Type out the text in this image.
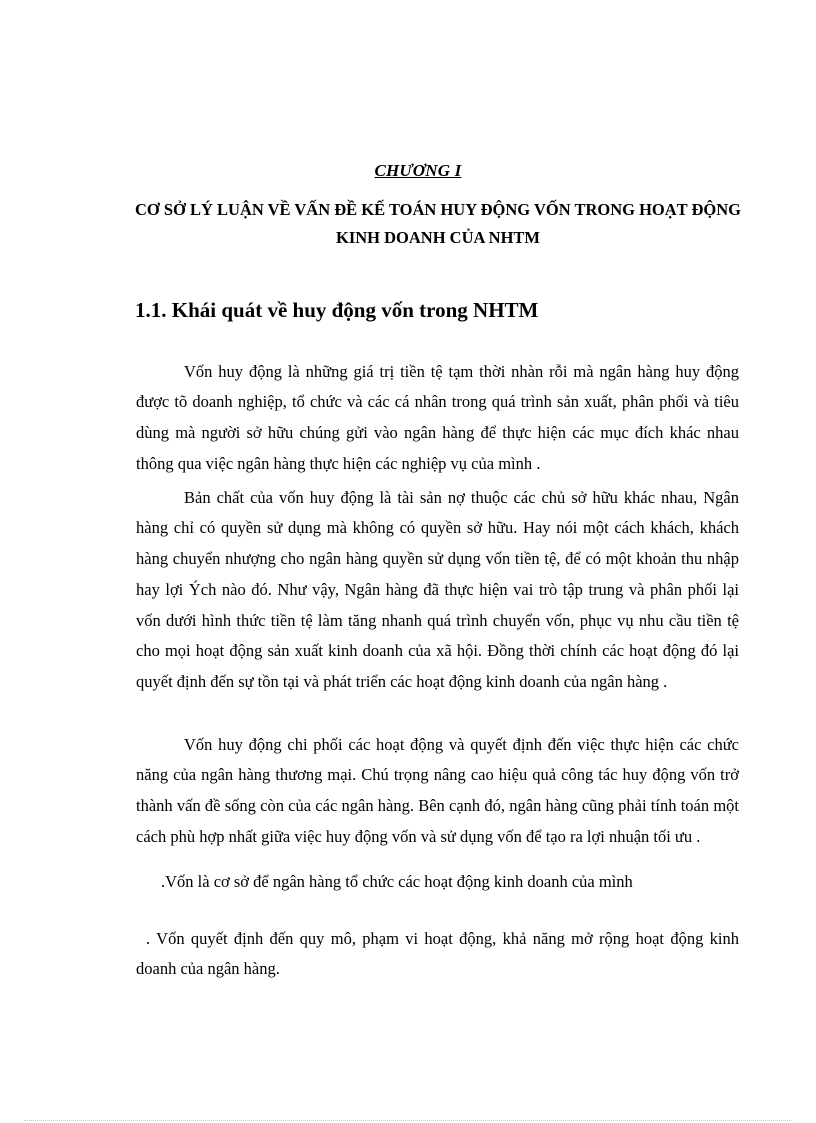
CHƯƠNG I
CƠ SỞ LÝ LUẬN VỀ VẤN ĐỀ KẾ TOÁN HUY ĐỘNG VỐN TRONG HOẠT ĐỘNG KINH DOANH CỦA NHTM
1.1. Khái quát về huy động vốn trong NHTM

Vốn huy động là những giá trị tiền tệ tạm thời nhàn rỗi mà ngân hàng huy động được tõ doanh nghiệp, tổ chức và các cá nhân trong quá trình sản xuất, phân phối và tiêu dùng mà người sở hữu chúng gửi vào ngân hàng để thực hiện các mục đích khác nhau thông qua việc ngân hàng thực hiện các nghiệp vụ của mình .

Bản chất của vốn huy động là tài sản nợ thuộc các chủ sở hữu khác nhau, Ngân hàng chỉ có quyền sử dụng mà không có quyền sở hữu. Hay nói một cách khách, khách hàng chuyển nhượng cho ngân hàng quyền sử dụng vốn tiền tệ, để có một khoản thu nhập hay lợi Ých nào đó. Như vậy, Ngân hàng đã thực hiện vai trò tập trung và phân phối lại vốn dưới hình thức tiền tệ làm tăng nhanh quá trình chuyển vốn, phục vụ nhu cầu tiền tệ cho mọi hoạt động sản xuất kinh doanh của xã hội. Đồng thời chính các hoạt động đó lại quyết định đến sự tồn tại và phát triển các hoạt động kinh doanh của ngân hàng .

Vốn huy động chi phối các hoạt động và quyết định đến việc thực hiện các chức năng của ngân hàng thương mại. Chú trọng nâng cao hiệu quả công tác huy động vốn trở thành vấn đề sống còn của các ngân hàng. Bên cạnh đó, ngân hàng cũng phải tính toán một cách phù hợp nhất giữa việc huy động vốn và sử dụng vốn để tạo ra lợi nhuận tối ưu .

.Vốn là cơ sở để ngân hàng tổ chức các hoạt động kinh doanh của mình

. Vốn quyết định đến quy mô, phạm vi hoạt động, khả năng mở rộng hoạt động kinh doanh của ngân hàng.
